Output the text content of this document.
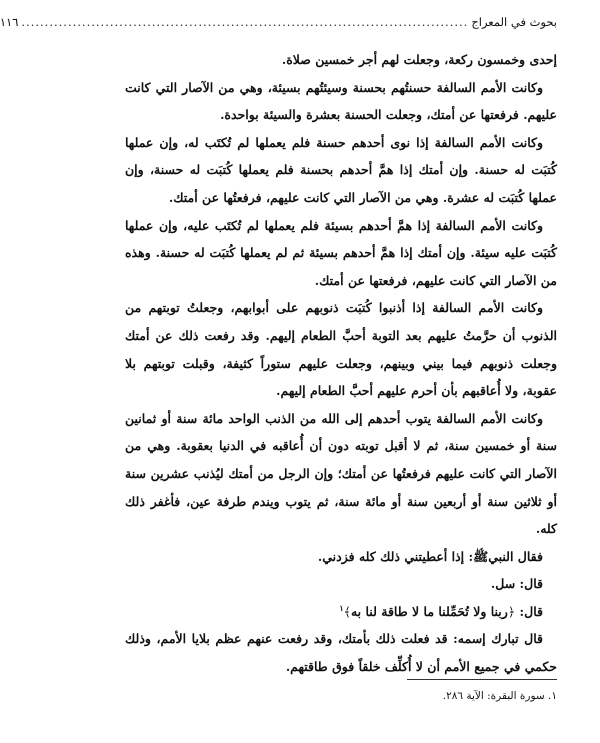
بحوث في المعراج
................................................................................................
١١٦

إحدى وخمسون ركعة، وجعلت لهم أجر خمسين صلاة.

وكانت الأمم السالفة حسنتُهم بحسنة وسيئتُهم بسيئة، وهي من الآصار التي كانت عليهم. فرفعتها عن أمتك، وجعلت الحسنة بعشرة والسيئة بواحدة.

وكانت الأمم السالفة إذا نوى أحدهم حسنة فلم يعملها لم تُكتَب له، وإن عملها كُتبَت له حسنة. وإن أمتك إذا همَّ أحدهم بحسنة فلم يعملها كُتبَت له حسنة، وإن عملها كُتبَت له عشرة. وهي من الآصار التي كانت عليهم، فرفعتُها عن أمتك.

وكانت الأمم السالفة إذا همَّ أحدهم بسيئة فلم يعملها لم تُكتَب عليه، وإن عملها كُتبَت عليه سيئة. وإن أمتك إذا همَّ أحدهم بسيئة ثم لم يعملها كُتبَت له حسنة. وهذه من الآصار التي كانت عليهم، فرفعتها عن أمتك.

وكانت الأمم السالفة إذا أذنبوا كُتبَت ذنوبهم على أبوابهم، وجعلتُ توبتهم من الذنوب أن حرَّمتُ عليهم بعد التوبة أحبَّ الطعام إليهم. وقد رفعت ذلك عن أمتك وجعلت ذنوبهم فيما بيني وبينهم، وجعلت عليهم ستوراً كثيفة، وقبلت توبتهم بلا عقوبة، ولا أُعاقبهم بأن أحرم عليهم أحبَّ الطعام إليهم.

وكانت الأمم السالفة يتوب أحدهم إلى الله من الذنب الواحد مائة سنة أو ثمانين سنة أو خمسين سنة، ثم لا أقبل توبته دون أن أُعاقبه في الدنيا بعقوبة. وهي من الآصار التي كانت عليهم فرفعتُها عن أمتك؛ وإن الرجل من أمتك ليُذنب عشرين سنة أو ثلاثين سنة أو أربعين سنة أو مائة سنة، ثم يتوب ويندم طرفة عين، فأغفر ذلك كله.

فقال النبيﷺ: إذا أعطيتني ذلك كله فزدني.

قال: سل.

قال: ﴿ربنا ولا تُحَمِّلنا ما لا طاقة لنا به﴾$^١$

قال تبارك إسمه: قد فعلت ذلك بأمتك، وقد رفعت عنهم عظم بلايا الأمم، وذلك حكمي في جميع الأمم أن لا أُكلِّف خلقاً فوق طاقتهم.

١. سورة البقرة: الآية ٢٨٦.
